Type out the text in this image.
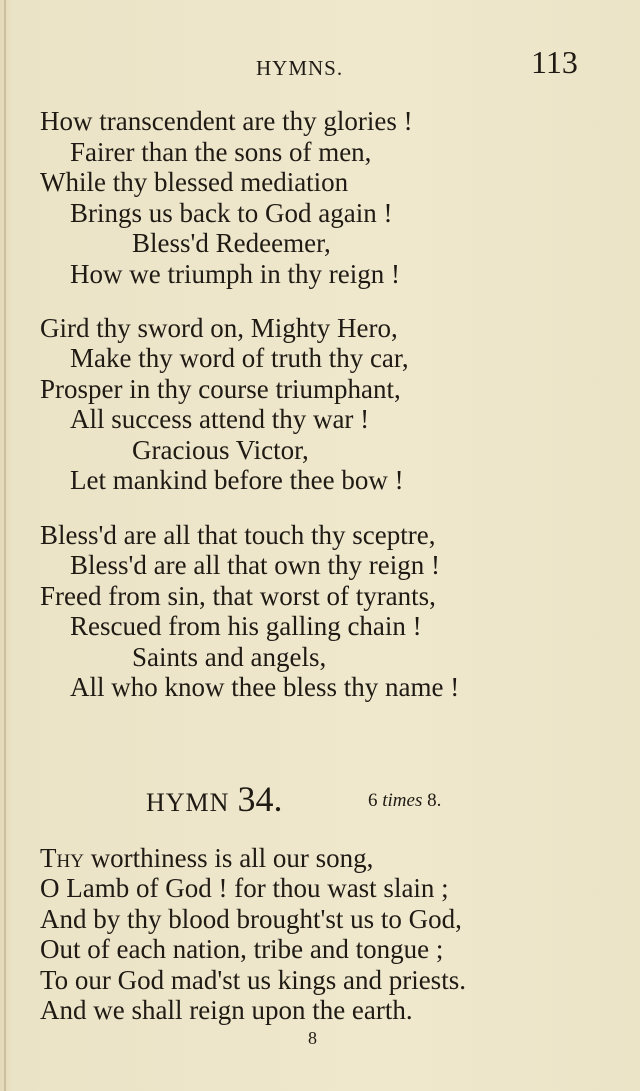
HYMNS.	113
How transcendent are thy glories !
Fairer than the sons of men,
While thy blessed mediation
Brings us back to God again !
Bless'd Redeemer,
How we triumph in thy reign !
Gird thy sword on, Mighty Hero,
Make thy word of truth thy car,
Prosper in thy course triumphant,
All success attend thy war !
Gracious Victor,
Let mankind before thee bow !
Bless'd are all that touch thy sceptre,
Bless'd are all that own thy reign !
Freed from sin, that worst of tyrants,
Rescued from his galling chain !
Saints and angels,
All who know thee bless thy name !
HYMN 34.	6 times 8.
Thy worthiness is all our song,
O Lamb of God ! for thou wast slain ;
And by thy blood brought'st us to God,
Out of each nation, tribe and tongue ;
To our God mad'st us kings and priests.
And we shall reign upon the earth.
8
